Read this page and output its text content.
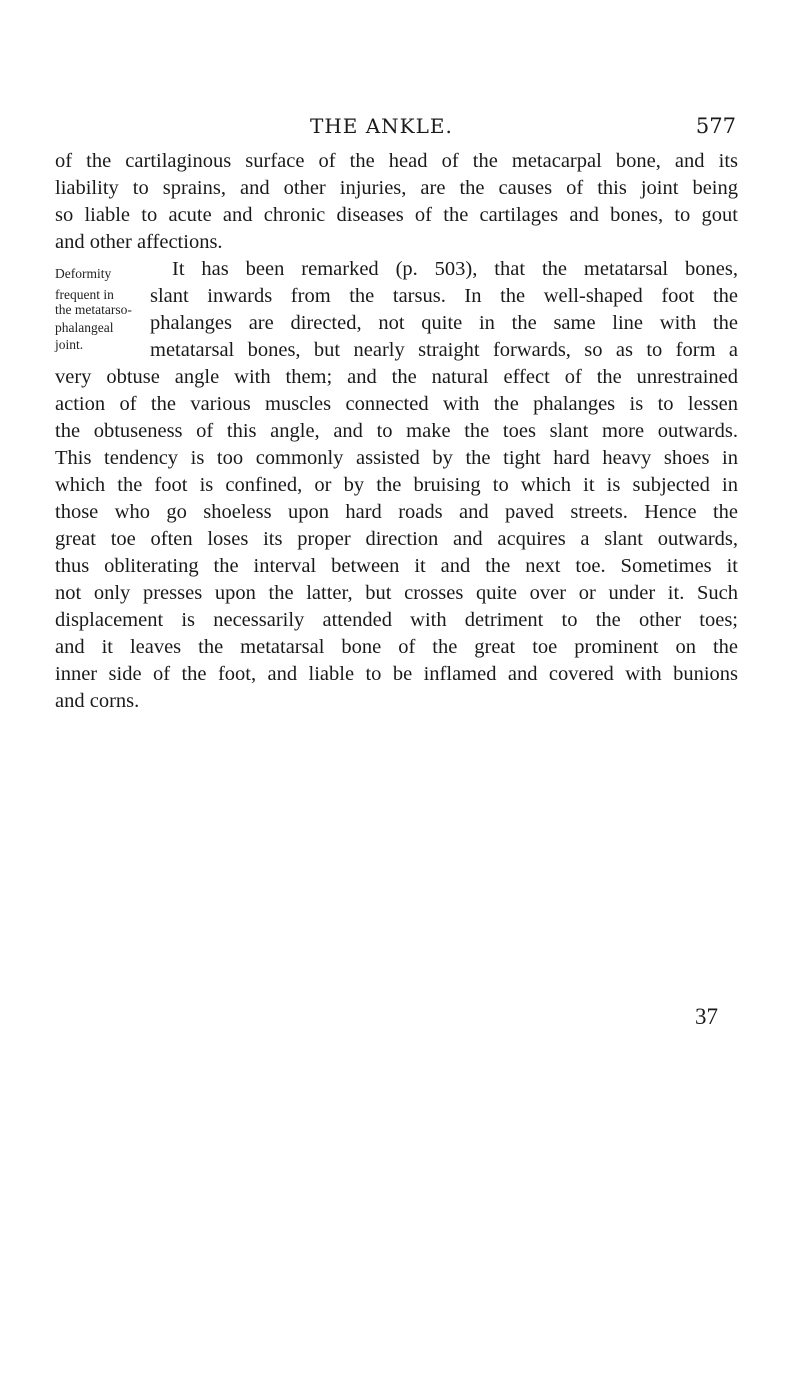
THE ANKLE.	577
of the cartilaginous surface of the head of the metacarpal bone, and its
liability to sprains, and other injuries, are the causes of this joint being
so liable to acute and chronic diseases of the cartilages and bones, to gout
and other affections.
Deformity
frequent in
the metatarso-
phalangeal
joint.
It has been remarked (p. 503), that the metatarsal bones,
slant inwards from the tarsus. In the well-shaped foot the
phalanges are directed, not quite in the same line with the
metatarsal bones, but nearly straight forwards, so as to form a
very obtuse angle with them; and the natural effect of the unrestrained
action of the various muscles connected with the phalanges is to lessen
the obtuseness of this angle, and to make the toes slant more outwards.
This tendency is too commonly assisted by the tight hard heavy shoes in
which the foot is confined, or by the bruising to which it is subjected in
those who go shoeless upon hard roads and paved streets. Hence the
great toe often loses its proper direction and acquires a slant outwards,
thus obliterating the interval between it and the next toe. Sometimes it
not only presses upon the latter, but crosses quite over or under it. Such
displacement is necessarily attended with detriment to the other toes;
and it leaves the metatarsal bone of the great toe prominent on the
inner side of the foot, and liable to be inflamed and covered with bunions
and corns.
37
